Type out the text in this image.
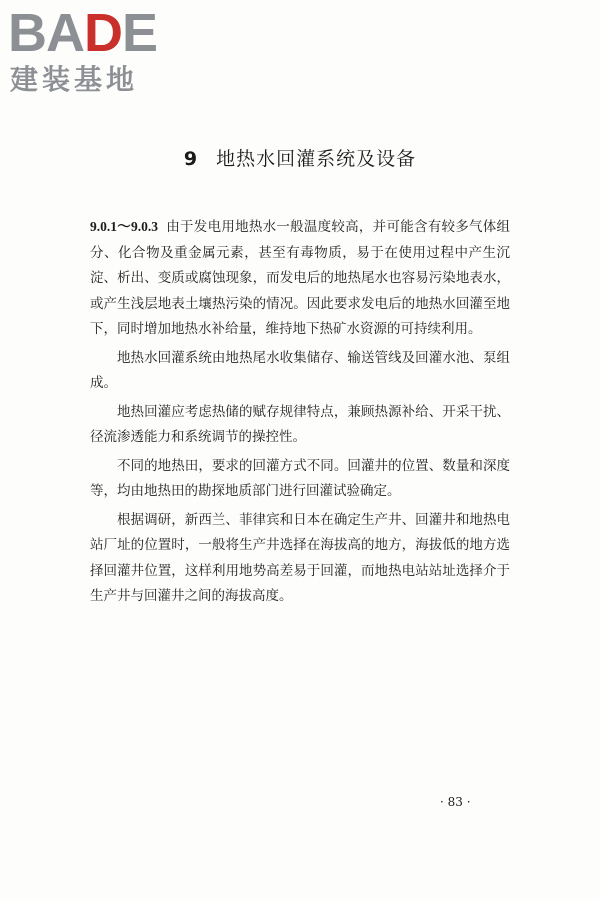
BADE
建装基地
9 地热水回灌系统及设备

9.0.1～9.0.3 由于发电用地热水一般温度较高，并可能含有较多气体组分、化合物及重金属元素，甚至有毒物质，易于在使用过程中产生沉淀、析出、变质或腐蚀现象，而发电后的地热尾水也容易污染地表水，或产生浅层地表土壤热污染的情况。因此要求发电后的地热水回灌至地下，同时增加地热水补给量，维持地下热矿水资源的可持续利用。

地热水回灌系统由地热尾水收集储存、输送管线及回灌水池、泵组成。

地热回灌应考虑热储的赋存规律特点，兼顾热源补给、开采干扰、径流渗透能力和系统调节的操控性。

不同的地热田，要求的回灌方式不同。回灌井的位置、数量和深度等，均由地热田的勘探地质部门进行回灌试验确定。

根据调研，新西兰、菲律宾和日本在确定生产井、回灌井和地热电站厂址的位置时，一般将生产井选择在海拔高的地方，海拔低的地方选择回灌井位置，这样利用地势高差易于回灌，而地热电站站址选择介于生产井与回灌井之间的海拔高度。

· 83 ·
